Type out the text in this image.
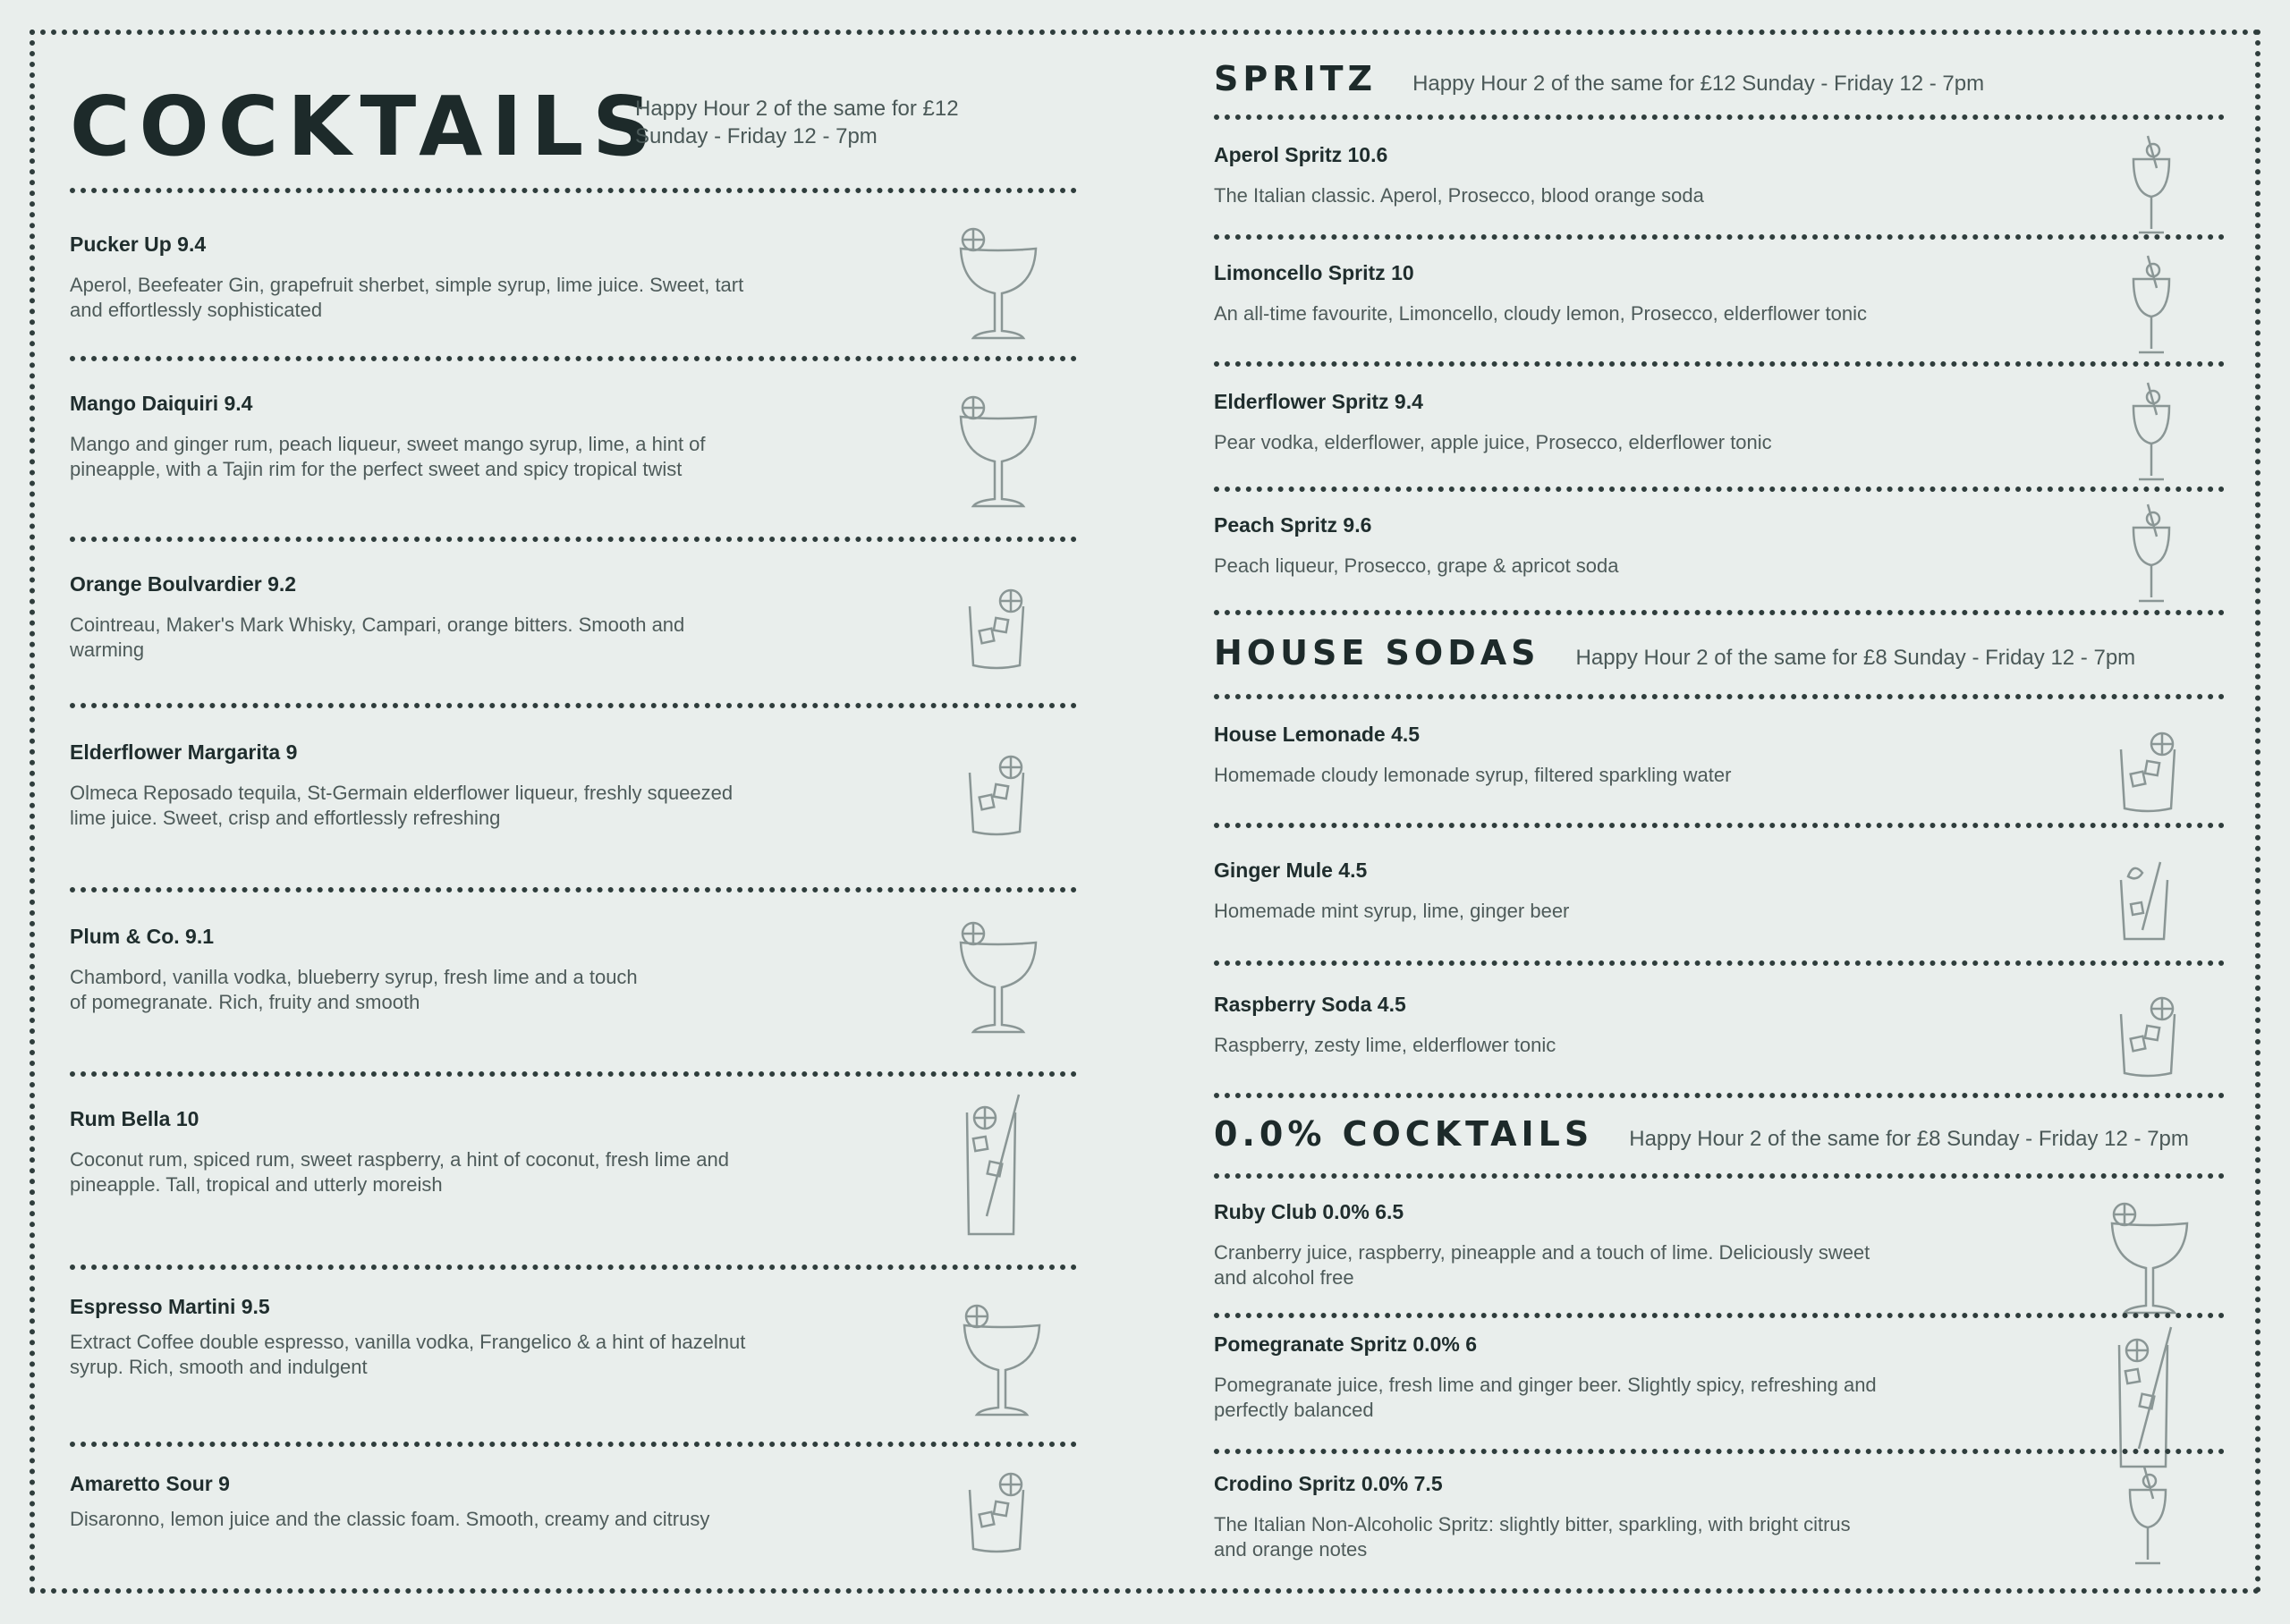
COCKTAILS
Happy Hour 2 of the same for £12
Sunday - Friday 12 - 7pm
Pucker Up 9.4
Aperol, Beefeater Gin, grapefruit sherbet, simple syrup, lime juice. Sweet, tart
and effortlessly sophisticated
Mango Daiquiri 9.4
Mango and ginger rum, peach liqueur, sweet mango syrup, lime, a hint of
pineapple, with a Tajin rim for the perfect sweet and spicy tropical twist
Orange Boulvardier 9.2
Cointreau, Maker's Mark Whisky, Campari, orange bitters. Smooth and
warming
Elderflower Margarita 9
Olmeca Reposado tequila, St-Germain elderflower liqueur, freshly squeezed
lime juice. Sweet, crisp and effortlessly refreshing
Plum & Co. 9.1
Chambord, vanilla vodka, blueberry syrup, fresh lime and a touch
of pomegranate. Rich, fruity and smooth
Rum Bella 10
Coconut rum, spiced rum, sweet raspberry, a hint of coconut, fresh lime and
pineapple. Tall, tropical and utterly moreish
Espresso Martini 9.5
Extract Coffee double espresso, vanilla vodka, Frangelico & a hint of hazelnut
syrup. Rich, smooth and indulgent
Amaretto Sour 9
Disaronno, lemon juice and the classic foam. Smooth, creamy and citrusy
SPRITZ Happy Hour 2 of the same for £12 Sunday - Friday 12 - 7pm
Aperol Spritz 10.6
The Italian classic. Aperol, Prosecco, blood orange soda
Limoncello Spritz 10
An all-time favourite, Limoncello, cloudy lemon, Prosecco, elderflower tonic
Elderflower Spritz 9.4
Pear vodka, elderflower, apple juice, Prosecco, elderflower tonic
Peach Spritz 9.6
Peach liqueur, Prosecco, grape & apricot soda
HOUSE SODAS Happy Hour 2 of the same for £8 Sunday - Friday 12 - 7pm
House Lemonade 4.5
Homemade cloudy lemonade syrup, filtered sparkling water
Ginger Mule 4.5
Homemade mint syrup, lime, ginger beer
Raspberry Soda 4.5
Raspberry, zesty lime, elderflower tonic
0.0% COCKTAILS Happy Hour 2 of the same for £8 Sunday - Friday 12 - 7pm
Ruby Club 0.0% 6.5
Cranberry juice, raspberry, pineapple and a touch of lime. Deliciously sweet
and alcohol free
Pomegranate Spritz 0.0% 6
Pomegranate juice, fresh lime and ginger beer. Slightly spicy, refreshing and
perfectly balanced
Crodino Spritz 0.0% 7.5
The Italian Non-Alcoholic Spritz: slightly bitter, sparkling, with bright citrus
and orange notes
